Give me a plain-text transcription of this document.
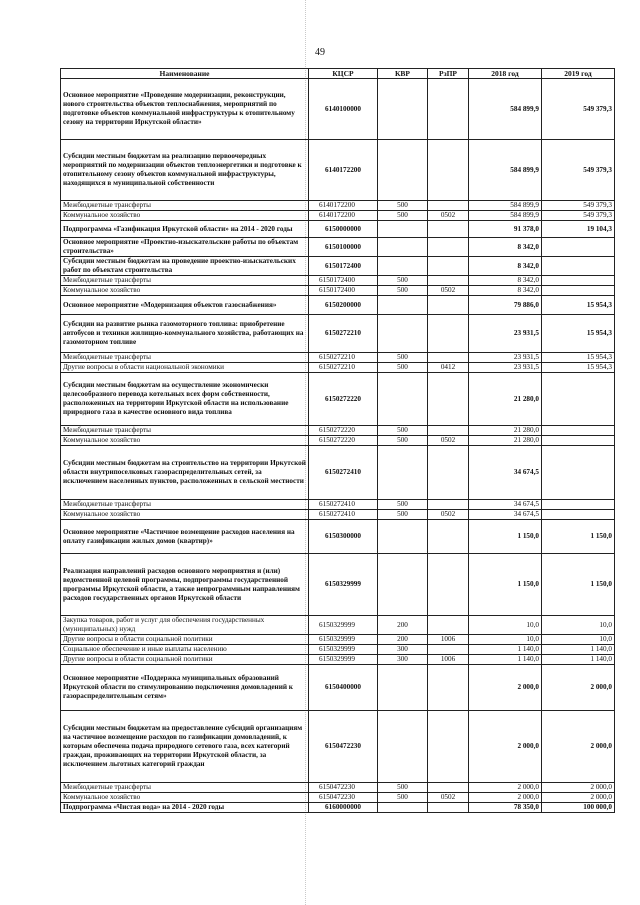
49
Наименование	КЦСР	КВР	РзПР	2018 год	2019 год
Основное мероприятие «Проведение модернизации, реконструкции, нового строительства объектов теплоснабжения, мероприятий по подготовке объектов коммунальной инфраструктуры к отопительному сезону на территории Иркутской области»	6140100000			584 899,9	549 379,3
Субсидии местным бюджетам на реализацию первоочередных мероприятий по модернизации объектов теплоэнергетики и подготовке к отопительному сезону объектов коммунальной инфраструктуры, находящихся в муниципальной собственности	6140172200			584 899,9	549 379,3
Межбюджетные трансферты	6140172200	500		584 899,9	549 379,3
Коммунальное хозяйство	6140172200	500	0502	584 899,9	549 379,3
Подпрограмма «Газификация Иркутской области» на 2014 - 2020 годы	6150000000			91 378,0	19 104,3
Основное мероприятие «Проектно-изыскательские работы по объектам строительства»	6150100000			8 342,0	
Субсидии местным бюджетам на проведение проектно-изыскательских работ по объектам строительства	6150172400			8 342,0	
Межбюджетные трансферты	6150172400	500		8 342,0	
Коммунальное хозяйство	6150172400	500	0502	8 342,0	
Основное мероприятие «Модернизация объектов газоснабжения»	6150200000			79 886,0	15 954,3
Субсидии на развитие рынка газомоторного топлива: приобретение автобусов и техники жилищно-коммунального хозяйства, работающих на газомоторном топливе	6150272210			23 931,5	15 954,3
Межбюджетные трансферты	6150272210	500		23 931,5	15 954,3
Другие вопросы в области национальной экономики	6150272210	500	0412	23 931,5	15 954,3
Субсидии местным бюджетам на осуществление экономически целесообразного перевода котельных всех форм собственности, расположенных на территории Иркутской области на использование природного газа в качестве основного вида топлива	6150272220			21 280,0	
Межбюджетные трансферты	6150272220	500		21 280,0	
Коммунальное хозяйство	6150272220	500	0502	21 280,0	
Субсидии местным бюджетам на строительство на территории Иркутской области внутрипоселковых газораспределительных сетей, за исключением населенных пунктов, расположенных в сельской местности	6150272410			34 674,5	
Межбюджетные трансферты	6150272410	500		34 674,5	
Коммунальное хозяйство	6150272410	500	0502	34 674,5	
Основное мероприятие «Частичное возмещение расходов населения на оплату газификации жилых домов (квартир)»	6150300000			1 150,0	1 150,0
Реализация направлений расходов основного мероприятия и (или) ведомственной целевой программы, подпрограммы государственной программы Иркутской области, а также непрограммным направлениям расходов государственных органов Иркутской области	6150329999			1 150,0	1 150,0
Закупка товаров, работ и услуг для обеспечения государственных (муниципальных) нужд	6150329999	200		10,0	10,0
Другие вопросы в области социальной политики	6150329999	200	1006	10,0	10,0
Социальное обеспечение и иные выплаты населению	6150329999	300		1 140,0	1 140,0
Другие вопросы в области социальной политики	6150329999	300	1006	1 140,0	1 140,0
Основное мероприятие «Поддержка муниципальных образований Иркутской области по стимулированию подключения домовладений к газораспределительным сетям»	6150400000			2 000,0	2 000,0
Субсидии местным бюджетам на предоставление субсидий организациям на частичное возмещение расходов по газификации домовладений, к которым обеспечена подача природного сетевого газа, всех категорий граждан, проживающих на территории Иркутской области, за исключением льготных категорий граждан	6150472230			2 000,0	2 000,0
Межбюджетные трансферты	6150472230	500		2 000,0	2 000,0
Коммунальное хозяйство	6150472230	500	0502	2 000,0	2 000,0
Подпрограмма «Чистая вода» на 2014 - 2020 годы	6160000000			78 350,0	100 000,0
